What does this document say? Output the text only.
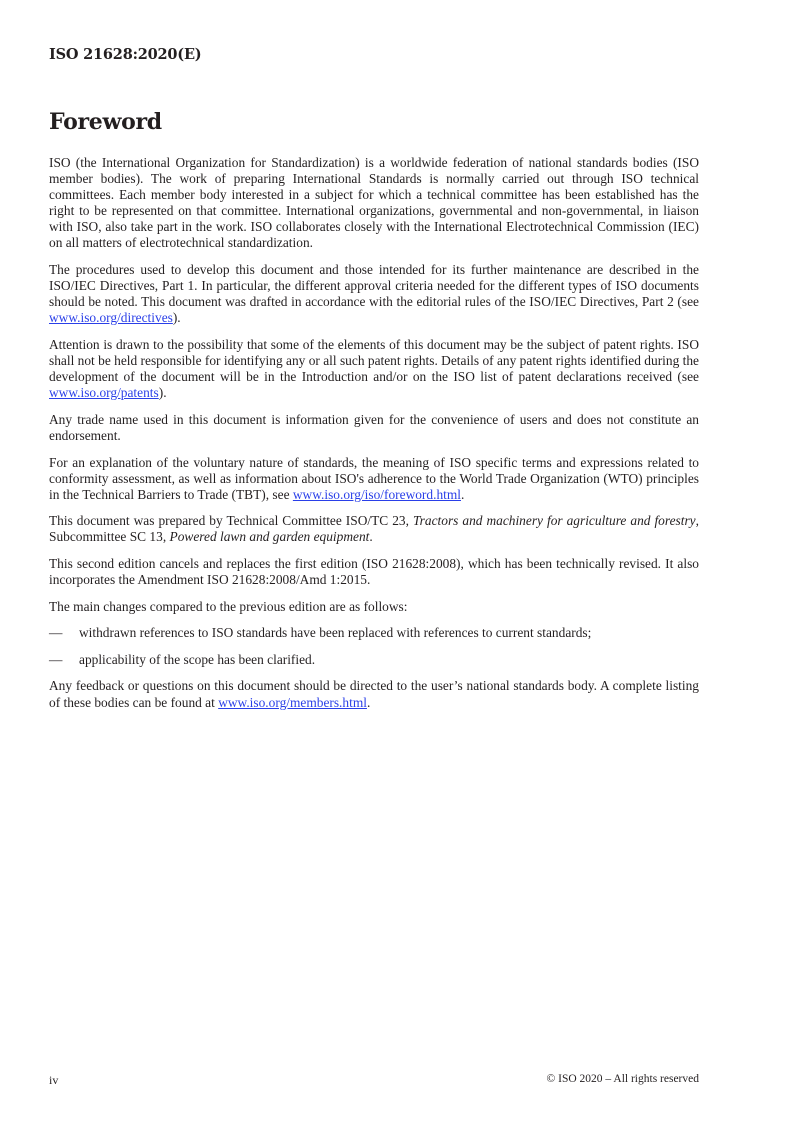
ISO 21628:2020(E)
Foreword

ISO (the International Organization for Standardization) is a worldwide federation of national standards bodies (ISO member bodies). The work of preparing International Standards is normally carried out through ISO technical committees. Each member body interested in a subject for which a technical committee has been established has the right to be represented on that committee. International organizations, governmental and non-governmental, in liaison with ISO, also take part in the work. ISO collaborates closely with the International Electrotechnical Commission (IEC) on all matters of electrotechnical standardization.

The procedures used to develop this document and those intended for its further maintenance are described in the ISO/IEC Directives, Part 1. In particular, the different approval criteria needed for the different types of ISO documents should be noted. This document was drafted in accordance with the editorial rules of the ISO/IEC Directives, Part 2 (see www.iso.org/directives).

Attention is drawn to the possibility that some of the elements of this document may be the subject of patent rights. ISO shall not be held responsible for identifying any or all such patent rights. Details of any patent rights identified during the development of the document will be in the Introduction and/or on the ISO list of patent declarations received (see www.iso.org/patents).

Any trade name used in this document is information given for the convenience of users and does not constitute an endorsement.

For an explanation of the voluntary nature of standards, the meaning of ISO specific terms and expressions related to conformity assessment, as well as information about ISO's adherence to the World Trade Organization (WTO) principles in the Technical Barriers to Trade (TBT), see www.iso.org/iso/foreword.html.

This document was prepared by Technical Committee ISO/TC 23, Tractors and machinery for agriculture and forestry, Subcommittee SC 13, Powered lawn and garden equipment.

This second edition cancels and replaces the first edition (ISO 21628:2008), which has been technically revised. It also incorporates the Amendment ISO 21628:2008/Amd 1:2015.

The main changes compared to the previous edition are as follows:

—	withdrawn references to ISO standards have been replaced with references to current standards;
—	applicability of the scope has been clarified.

Any feedback or questions on this document should be directed to the user’s national standards body. A complete listing of these bodies can be found at www.iso.org/members.html.

iv	© ISO 2020 – All rights reserved
